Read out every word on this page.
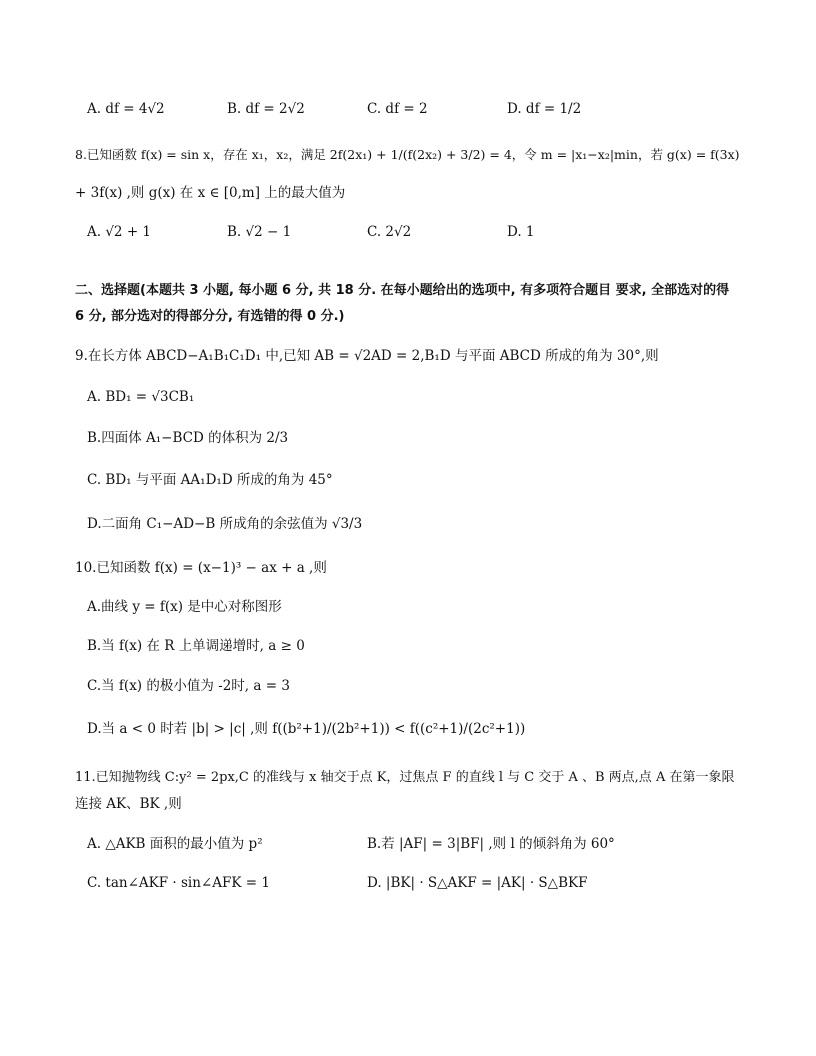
A. df = 4√2	B. df = 2√2	C. df = 2	D. df = 1/2
8.已知函数 f(x) = sin x，存在 x₁，x₂，满足 2f(2x₁) + 1/(f(2x₂) + 3/2) = 4，令 m = |x₁−x₂|min，若 g(x) = f(3x)
+ 3f(x) ,则 g(x) 在 x ∈ [0,m] 上的最大值为
A. √2 + 1	B. √2 − 1	C. 2√2	D. 1
二、选择题(本题共 3 小题, 每小题 6 分, 共 18 分. 在每小题给出的选项中, 有多项符合题目 要求, 全部选对的得
6 分, 部分选对的得部分分, 有选错的得 0 分.)
9.在长方体 ABCD−A₁B₁C₁D₁ 中,已知 AB = √2AD = 2,B₁D 与平面 ABCD 所成的角为 30°,则
A. BD₁ = √3CB₁
B.四面体 A₁−BCD 的体积为 2/3
C. BD₁ 与平面 AA₁D₁D 所成的角为 45°
D.二面角 C₁−AD−B 所成角的余弦值为 √3/3
10.已知函数 f(x) = (x−1)³ − ax + a ,则
A.曲线 y = f(x) 是中心对称图形
B.当 f(x) 在 R 上单调递增时, a ≥ 0
C.当 f(x) 的极小值为 -2时, a = 3
D.当 a < 0 时若 |b| > |c| ,则 f((b²+1)/(2b²+1)) < f((c²+1)/(2c²+1))
11.已知抛物线 C:y² = 2px,C 的准线与 x 轴交于点 K，过焦点 F 的直线 l 与 C 交于 A 、B 两点,点 A 在第一象限
连接 AK、BK ,则
A. △AKB 面积的最小值为 p²	B.若 |AF| = 3|BF| ,则 l 的倾斜角为 60°
C. tan∠AKF · sin∠AFK = 1	D. |BK| · S△AKF = |AK| · S△BKF
